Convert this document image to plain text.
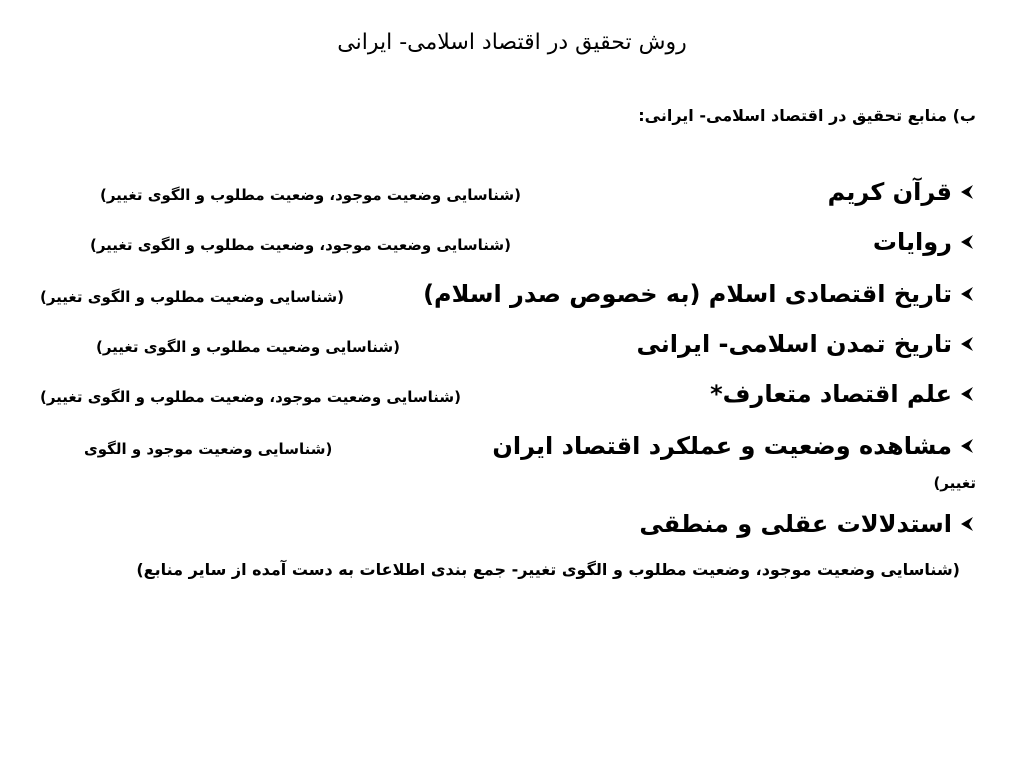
روش تحقیق در اقتصاد اسلامی- ایرانی
ب) منابع تحقیق در اقتصاد اسلامی- ایرانی:
قرآن کریم
(شناسایی وضعیت موجود، وضعیت مطلوب و الگوی تغییر)
روایات
(شناسایی وضعیت موجود، وضعیت مطلوب و الگوی تغییر)
تاریخ اقتصادی اسلام (به خصوص صدر اسلام)
(شناسایی وضعیت مطلوب و الگوی تغییر)
تاریخ تمدن اسلامی- ایرانی
(شناسایی وضعیت مطلوب و الگوی تغییر)
علم اقتصاد متعارف*
(شناسایی وضعیت موجود، وضعیت مطلوب و الگوی تغییر)
مشاهده وضعیت و عملکرد اقتصاد ایران
(شناسایی وضعیت موجود و الگوی
تغییر)
استدلالات عقلی و منطقی
(شناسایی وضعیت موجود، وضعیت مطلوب و الگوی تغییر- جمع بندی اطلاعات به دست آمده از سایر منابع)
